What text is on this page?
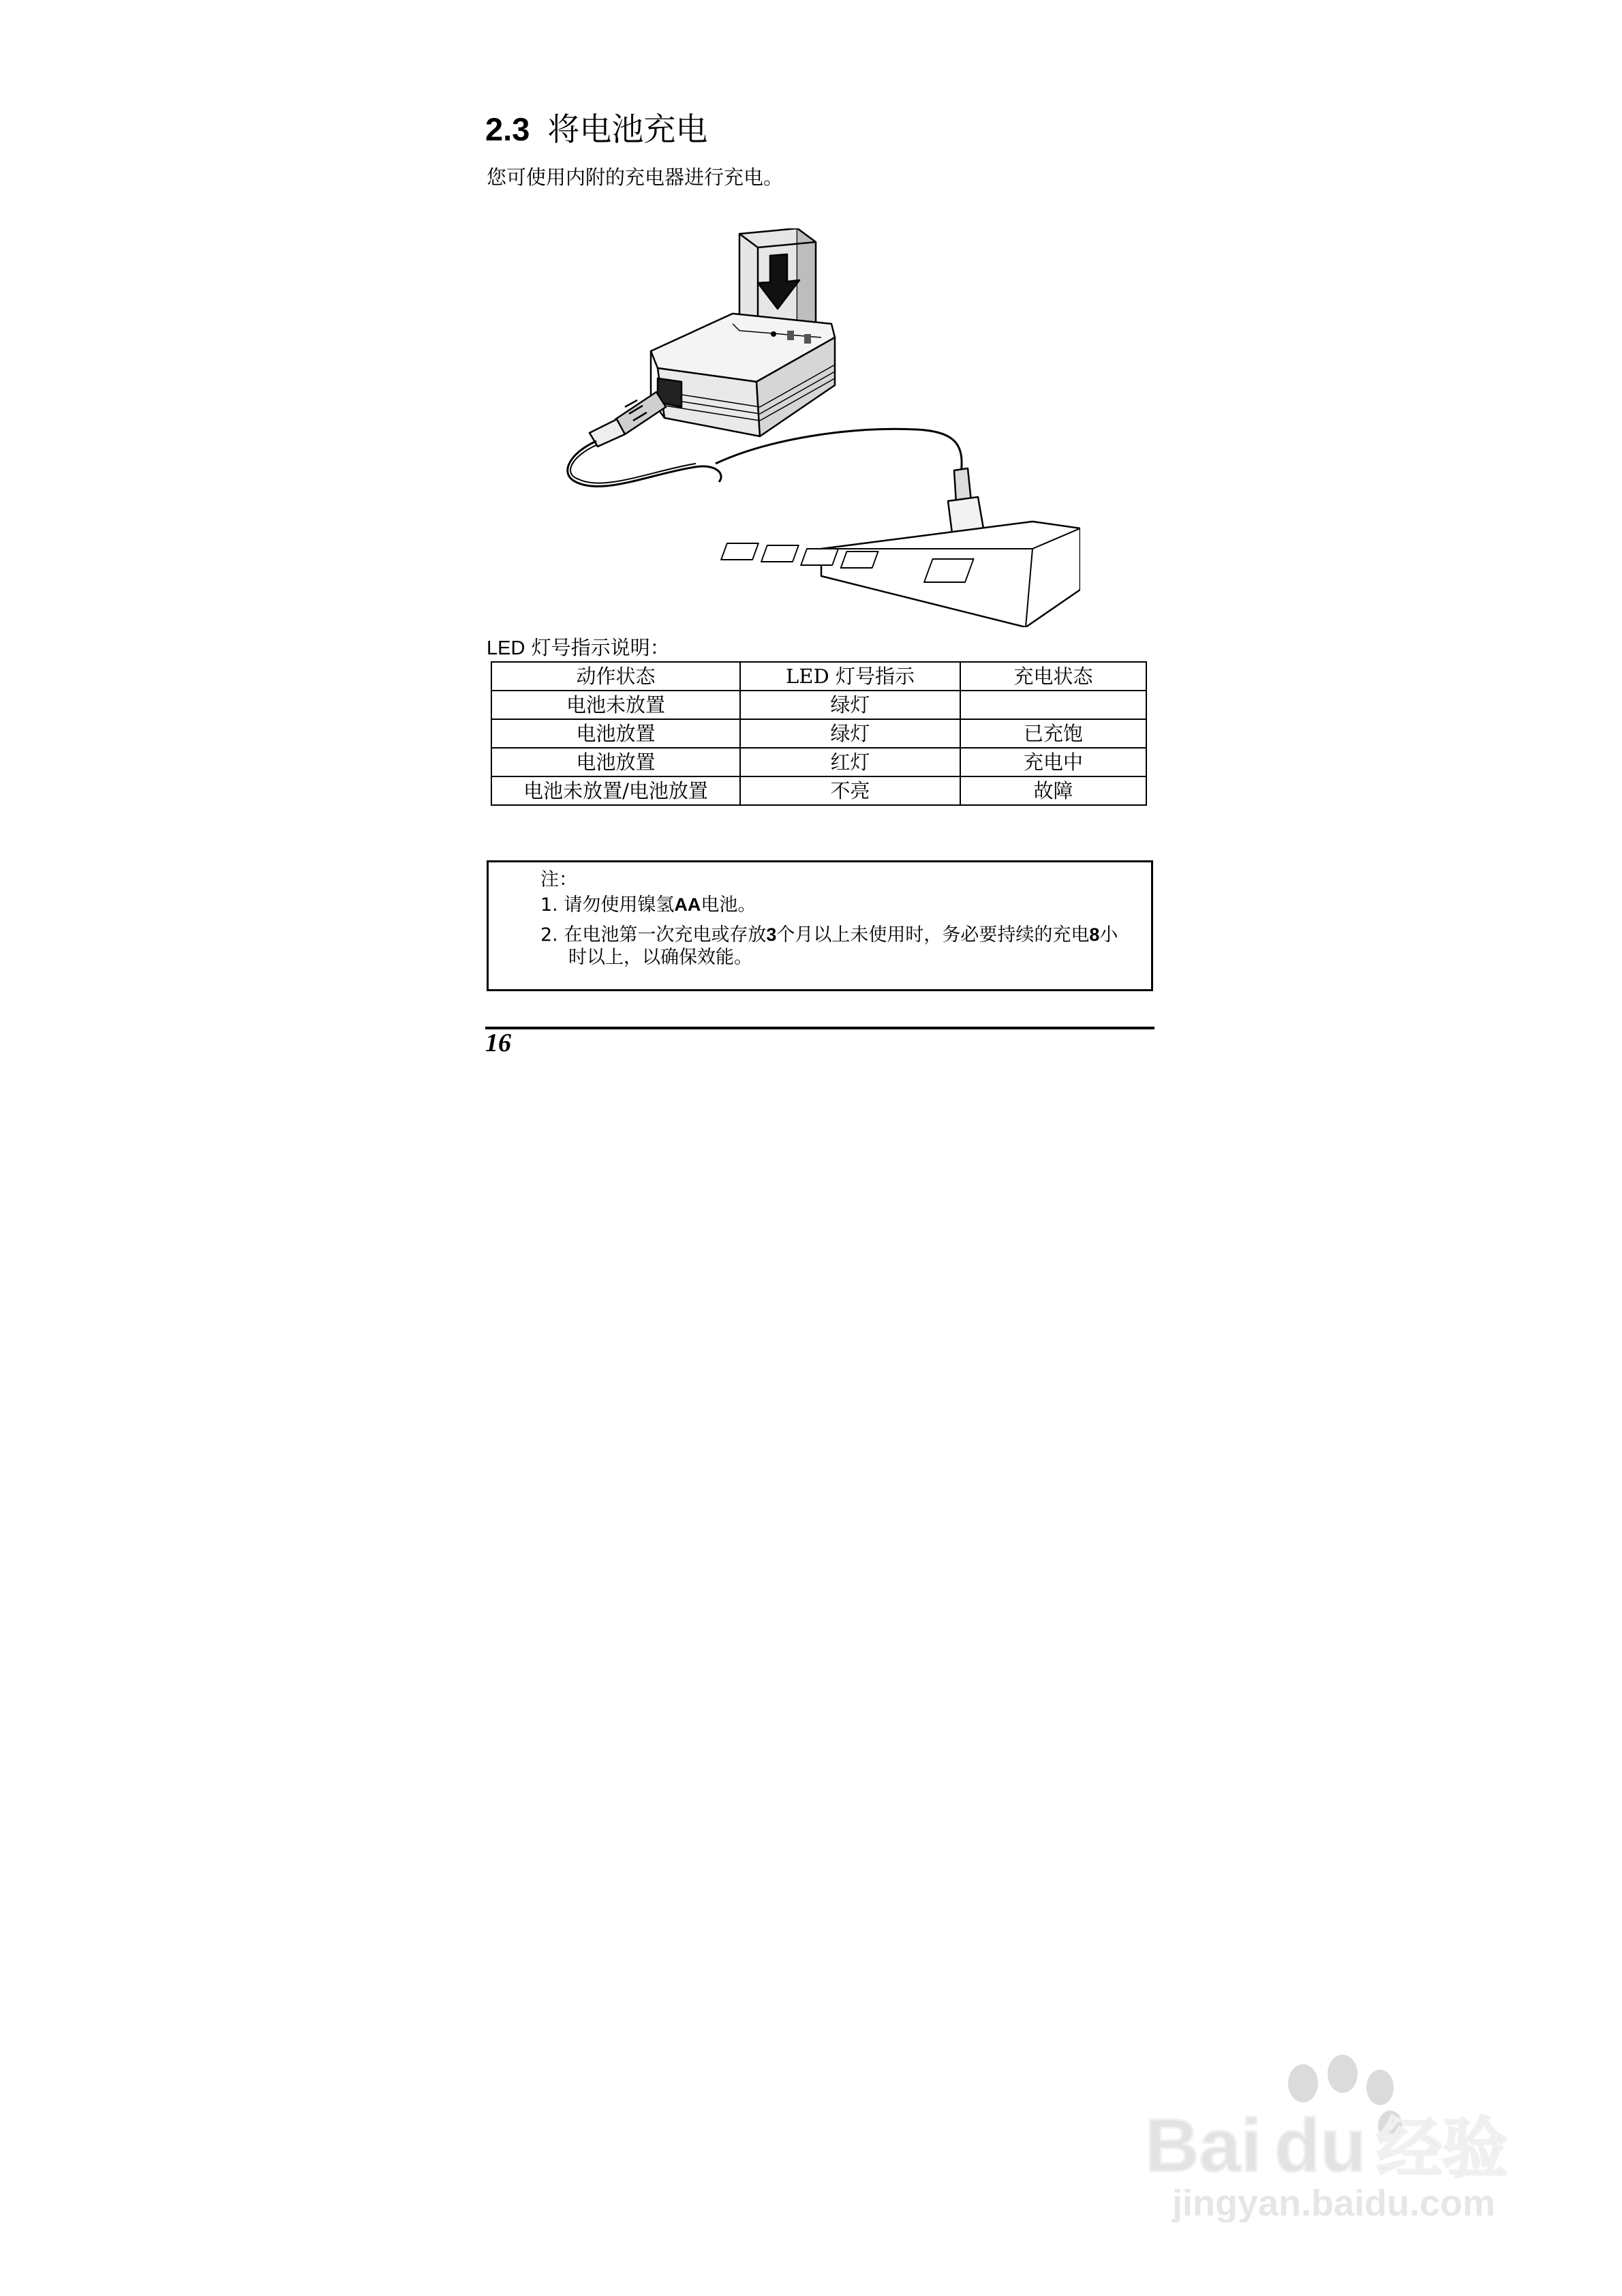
2.3 将电池充电
您可使用内附的充电器进行充电。
LED 灯号指示说明：
动作状态	LED 灯号指示	充电状态
电池未放置	绿灯	
电池放置	绿灯	已充饱
电池放置	红灯	充电中
电池未放置/电池放置	不亮	故障
注：
1. 请勿使用镍氢AA电池。
2. 在电池第一次充电或存放3个月以上未使用时，务必要持续的充电8小
时以上，以确保效能。
16
Bai du 经验
jingyan.baidu.com
